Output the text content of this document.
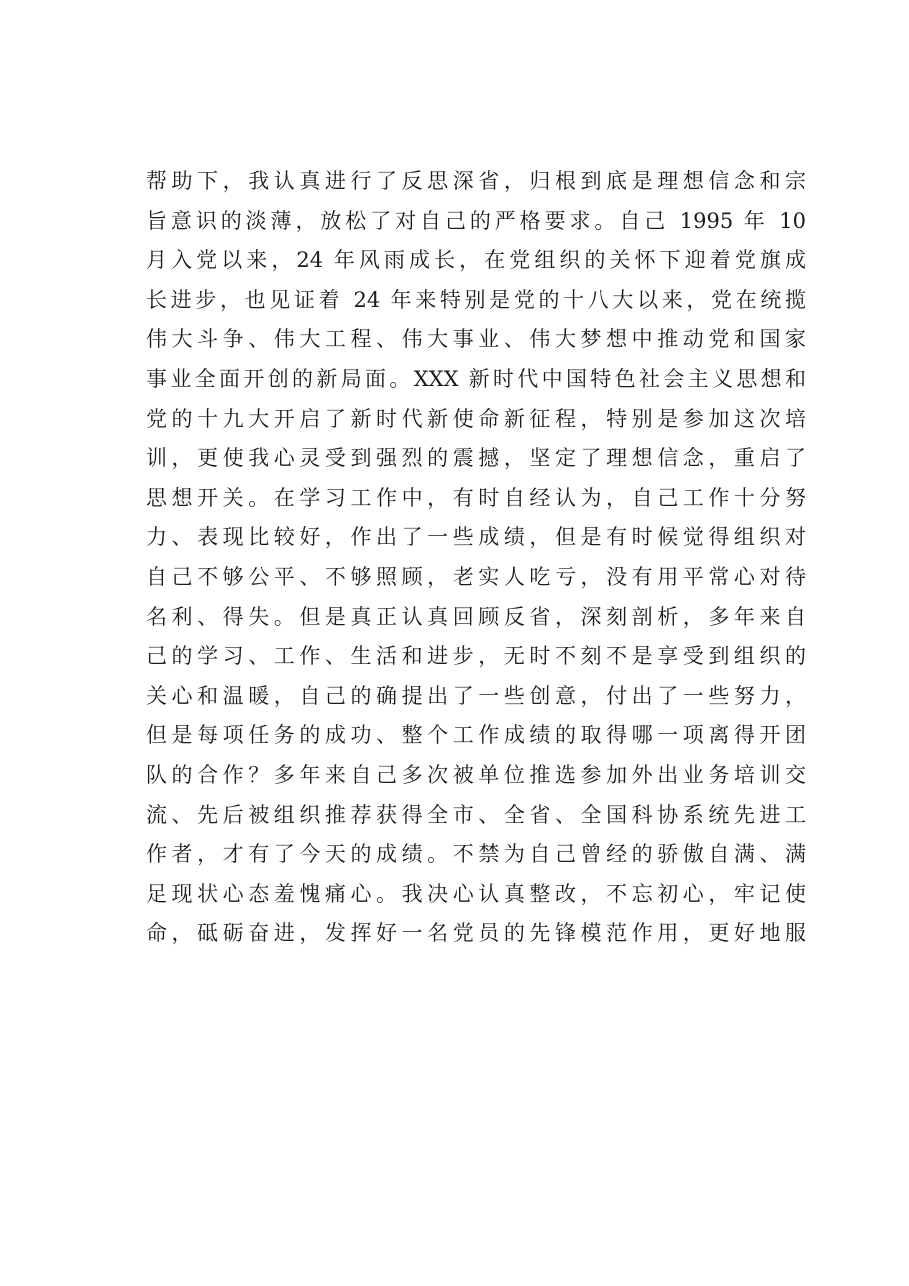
帮助下，我认真进行了反思深省，归根到底是理想信念和宗
旨意识的淡薄，放松了对自己的严格要求。自己 1995 年 10
月入党以来，24 年风雨成长，在党组织的关怀下迎着党旗成
长进步，也见证着 24 年来特别是党的十八大以来，党在统揽
伟大斗争、伟大工程、伟大事业、伟大梦想中推动党和国家
事业全面开创的新局面。XXX 新时代中国特色社会主义思想和
党的十九大开启了新时代新使命新征程，特别是参加这次培
训，更使我心灵受到强烈的震撼，坚定了理想信念，重启了
思想开关。在学习工作中，有时自经认为，自己工作十分努
力、表现比较好，作出了一些成绩，但是有时候觉得组织对
自己不够公平、不够照顾，老实人吃亏，没有用平常心对待
名利、得失。但是真正认真回顾反省，深刻剖析，多年来自
己的学习、工作、生活和进步，无时不刻不是享受到组织的
关心和温暖，自己的确提出了一些创意，付出了一些努力，
但是每项任务的成功、整个工作成绩的取得哪一项离得开团
队的合作？多年来自己多次被单位推选参加外出业务培训交
流、先后被组织推荐获得全市、全省、全国科协系统先进工
作者，才有了今天的成绩。不禁为自己曾经的骄傲自满、满
足现状心态羞愧痛心。我决心认真整改，不忘初心，牢记使
命，砥砺奋进，发挥好一名党员的先锋模范作用，更好地服
